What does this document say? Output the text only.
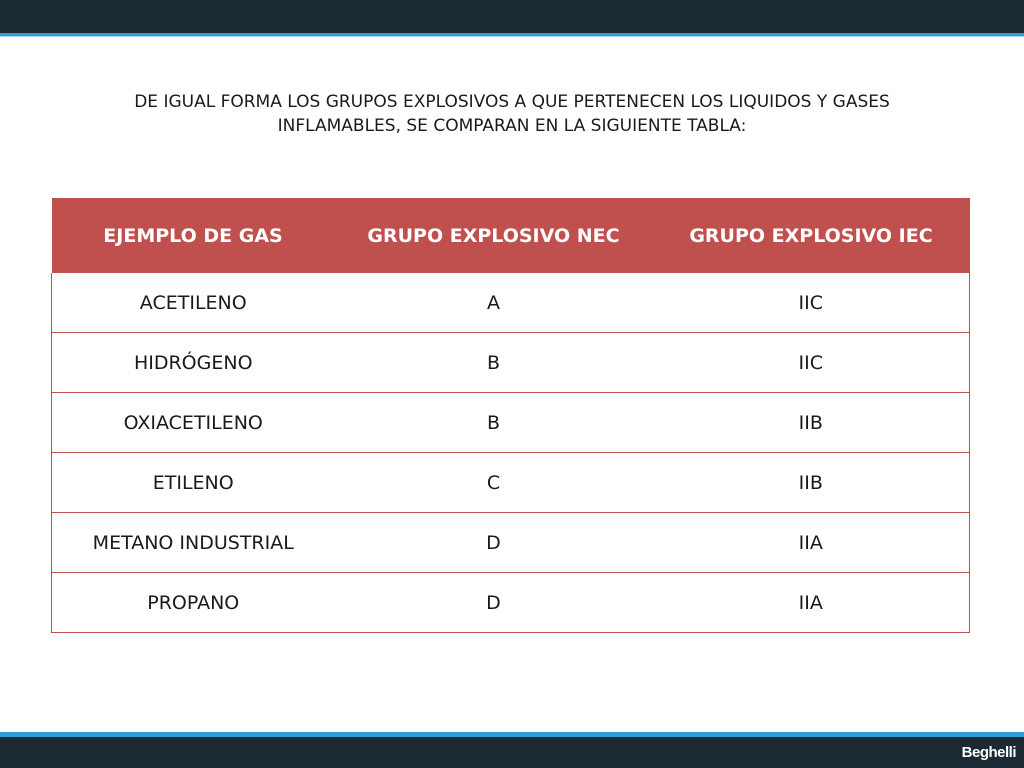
DE IGUAL FORMA LOS GRUPOS EXPLOSIVOS A QUE PERTENECEN LOS LIQUIDOS Y GASES
INFLAMABLES, SE COMPARAN EN LA SIGUIENTE TABLA:
EJEMPLO DE GAS	GRUPO EXPLOSIVO NEC	GRUPO EXPLOSIVO IEC
ACETILENO	A	IIC
HIDRÓGENO	B	IIC
OXIACETILENO	B	IIB
ETILENO	C	IIB
METANO INDUSTRIAL	D	IIA
PROPANO	D	IIA
Beghelli
